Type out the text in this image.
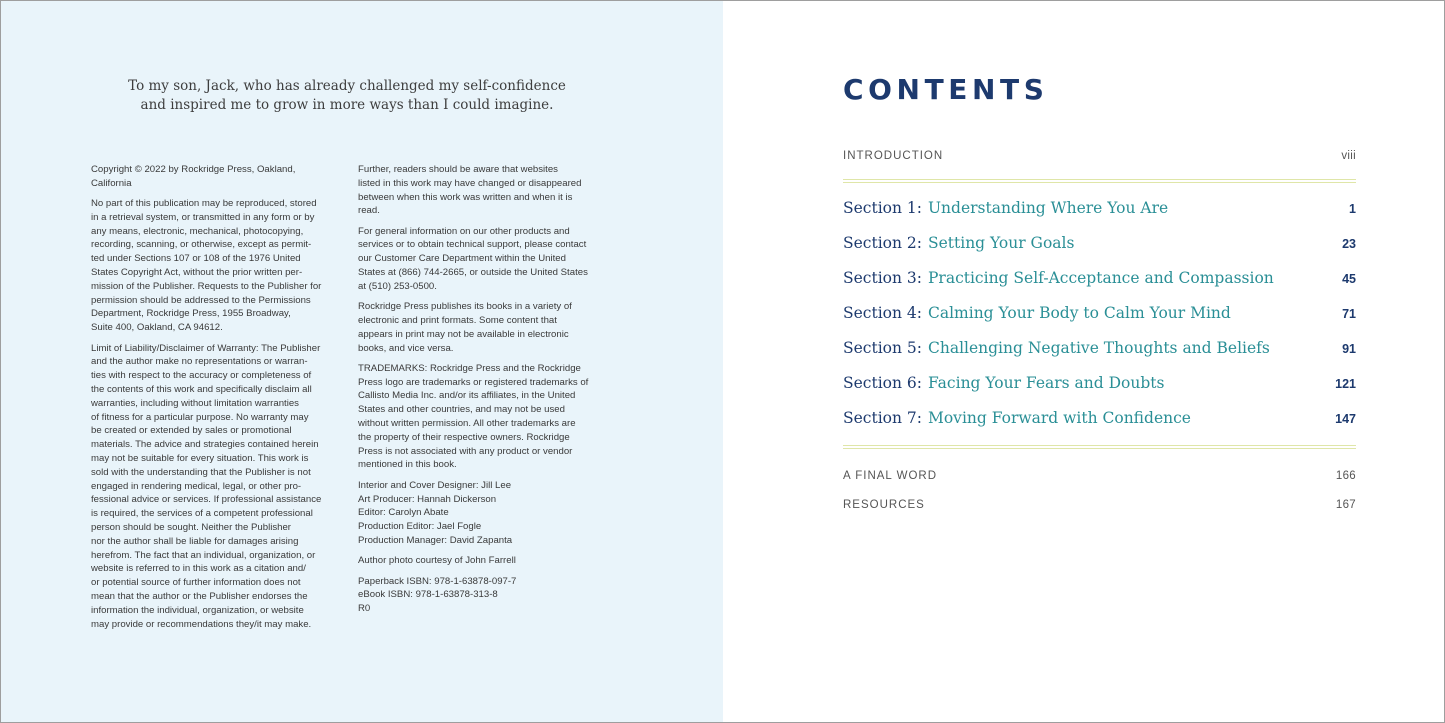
To my son, Jack, who has already challenged my self-confidence
and inspired me to grow in more ways than I could imagine.
Copyright © 2022 by Rockridge Press, Oakland,
California
No part of this publication may be reproduced, stored
in a retrieval system, or transmitted in any form or by
any means, electronic, mechanical, photocopying,
recording, scanning, or otherwise, except as permit-
ted under Sections 107 or 108 of the 1976 United
States Copyright Act, without the prior written per-
mission of the Publisher. Requests to the Publisher for
permission should be addressed to the Permissions
Department, Rockridge Press, 1955 Broadway,
Suite 400, Oakland, CA 94612.
Limit of Liability/Disclaimer of Warranty: The Publisher
and the author make no representations or warran-
ties with respect to the accuracy or completeness of
the contents of this work and specifically disclaim all
warranties, including without limitation warranties
of fitness for a particular purpose. No warranty may
be created or extended by sales or promotional
materials. The advice and strategies contained herein
may not be suitable for every situation. This work is
sold with the understanding that the Publisher is not
engaged in rendering medical, legal, or other pro-
fessional advice or services. If professional assistance
is required, the services of a competent professional
person should be sought. Neither the Publisher
nor the author shall be liable for damages arising
herefrom. The fact that an individual, organization, or
website is referred to in this work as a citation and/
or potential source of further information does not
mean that the author or the Publisher endorses the
information the individual, organization, or website
may provide or recommendations they/it may make.
Further, readers should be aware that websites
listed in this work may have changed or disappeared
between when this work was written and when it is
read.
For general information on our other products and
services or to obtain technical support, please contact
our Customer Care Department within the United
States at (866) 744-2665, or outside the United States
at (510) 253-0500.
Rockridge Press publishes its books in a variety of
electronic and print formats. Some content that
appears in print may not be available in electronic
books, and vice versa.
TRADEMARKS: Rockridge Press and the Rockridge
Press logo are trademarks or registered trademarks of
Callisto Media Inc. and/or its affiliates, in the United
States and other countries, and may not be used
without written permission. All other trademarks are
the property of their respective owners. Rockridge
Press is not associated with any product or vendor
mentioned in this book.
Interior and Cover Designer: Jill Lee
Art Producer: Hannah Dickerson
Editor: Carolyn Abate
Production Editor: Jael Fogle
Production Manager: David Zapanta
Author photo courtesy of John Farrell
Paperback ISBN: 978-1-63878-097-7
eBook ISBN: 978-1-63878-313-8
R0
CONTENTS
INTRODUCTION	viii
Section 1: Understanding Where You Are	1
Section 2: Setting Your Goals	23
Section 3: Practicing Self-Acceptance and Compassion	45
Section 4: Calming Your Body to Calm Your Mind	71
Section 5: Challenging Negative Thoughts and Beliefs	91
Section 6: Facing Your Fears and Doubts	121
Section 7: Moving Forward with Confidence	147
A FINAL WORD	166
RESOURCES	167
